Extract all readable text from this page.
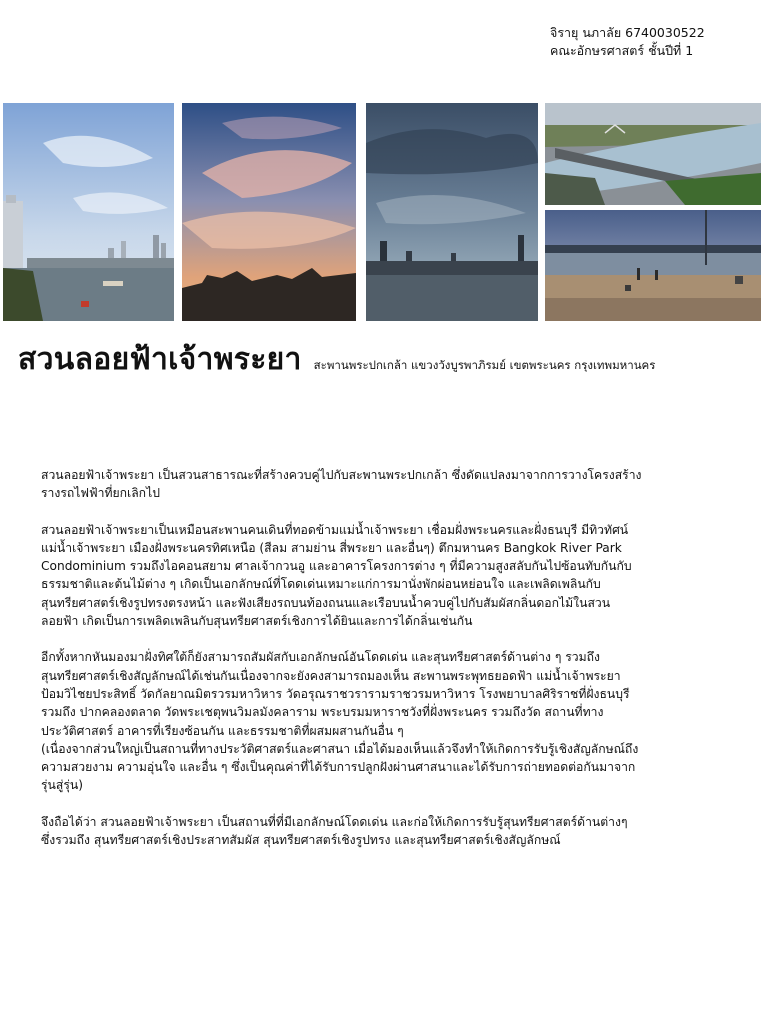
จิรายุ นภาลัย 6740030522
คณะอักษรศาสตร์ ชั้นปีที่ 1
สวนลอยฟ้าเจ้าพระยา สะพานพระปกเกล้า แขวงวังบูรพาภิรมย์ เขตพระนคร กรุงเทพมหานคร

สวนลอยฟ้าเจ้าพระยา เป็นสวนสาธารณะที่สร้างควบคู่ไปกับสะพานพระปกเกล้า ซึ่งดัดแปลงมาจากการวางโครงสร้าง
รางรถไฟฟ้าที่ยกเลิกไป

สวนลอยฟ้าเจ้าพระยาเป็นเหมือนสะพานคนเดินที่ทอดข้ามแม่น้ำเจ้าพระยา เชื่อมฝั่งพระนครและฝั่งธนบุรี มีทิวทัศน์
แม่น้ำเจ้าพระยา เมืองฝั่งพระนครทิศเหนือ (สีลม สามย่าน สี่พระยา และอื่นๆ) ตึกมหานคร Bangkok River Park
Condominium รวมถึงไอคอนสยาม ศาลเจ้ากวนอู และอาคารโครงการต่าง ๆ ที่มีความสูงสลับกันไปซ้อนทับกันกับ
ธรรมชาติและต้นไม้ต่าง ๆ เกิดเป็นเอกลักษณ์ที่โดดเด่นเหมาะแก่การมานั่งพักผ่อนหย่อนใจ และเพลิดเพลินกับ
สุนทรียศาสตร์เชิงรูปทรงตรงหน้า และฟังเสียงรถบนท้องถนนและเรือบนน้ำควบคู่ไปกับสัมผัสกลิ่นดอกไม้ในสวน
ลอยฟ้า เกิดเป็นการเพลิดเพลินกับสุนทรียศาสตร์เชิงการได้ยินและการได้กลิ่นเช่นกัน

อีกทั้งหากหันมองมาฝั่งทิศใต้ก็ยังสามารถสัมผัสกับเอกลักษณ์อันโดดเด่น และสุนทรียศาสตร์ด้านต่าง ๆ รวมถึง
สุนทรียศาสตร์เชิงสัญลักษณ์ได้เช่นกันเนื่องจากจะยังคงสามารถมองเห็น สะพานพระพุทธยอดฟ้า แม่น้ำเจ้าพระยา
ป้อมวิไชยประสิทธิ์ วัดกัลยาณมิตรวรมหาวิหาร วัดอรุณราชวรารามราชวรมหาวิหาร โรงพยาบาลศิริราชที่ฝั่งธนบุรี
รวมถึง ปากคลองตลาด วัดพระเชตุพนวิมลมังคลาราม พระบรมมหาราชวังที่ฝั่งพระนคร รวมถึงวัด สถานที่ทาง
ประวัติศาสตร์ อาคารที่เรียงซ้อนกัน และธรรมชาติที่ผสมผสานกันอื่น ๆ
(เนื่องจากส่วนใหญ่เป็นสถานที่ทางประวัติศาสตร์และศาสนา เมื่อได้มองเห็นแล้วจึงทำให้เกิดการรับรู้เชิงสัญลักษณ์ถึง
ความสวยงาม ความอุ่นใจ และอื่น ๆ ซึ่งเป็นคุณค่าที่ได้รับการปลูกฝังผ่านศาสนาและได้รับการถ่ายทอดต่อกันมาจาก
รุ่นสู่รุ่น)

จึงถือได้ว่า สวนลอยฟ้าเจ้าพระยา เป็นสถานที่ที่มีเอกลักษณ์โดดเด่น และก่อให้เกิดการรับรู้สุนทรียศาสตร์ด้านต่างๆ
ซึ่งรวมถึง สุนทรียศาสตร์เชิงประสาทสัมผัส สุนทรียศาสตร์เชิงรูปทรง และสุนทรียศาสตร์เชิงสัญลักษณ์
